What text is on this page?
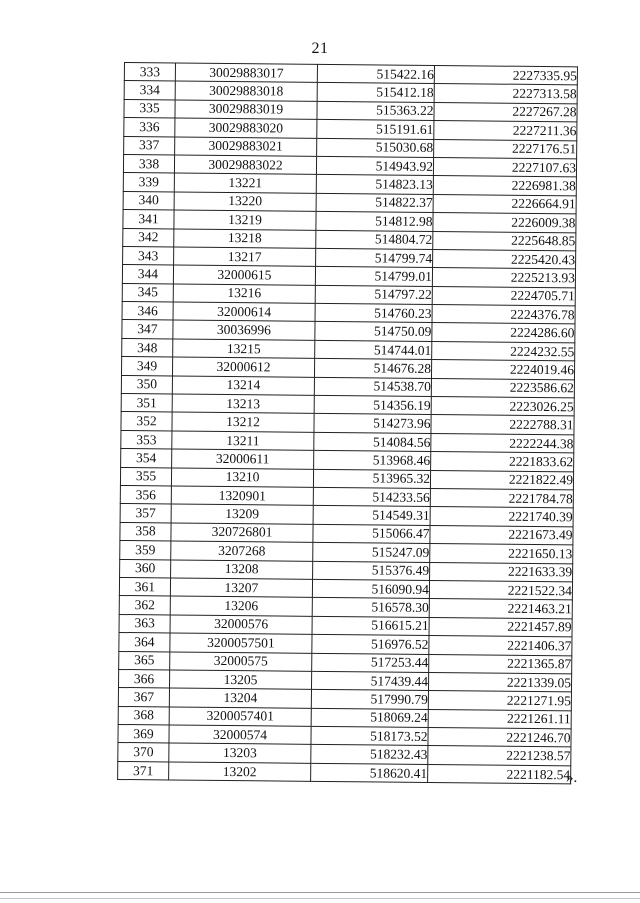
21
333	30029883017	515422.16	2227335.95
334	30029883018	515412.18	2227313.58
335	30029883019	515363.22	2227267.28
336	30029883020	515191.61	2227211.36
337	30029883021	515030.68	2227176.51
338	30029883022	514943.92	2227107.63
339	13221	514823.13	2226981.38
340	13220	514822.37	2226664.91
341	13219	514812.98	2226009.38
342	13218	514804.72	2225648.85
343	13217	514799.74	2225420.43
344	32000615	514799.01	2225213.93
345	13216	514797.22	2224705.71
346	32000614	514760.23	2224376.78
347	30036996	514750.09	2224286.60
348	13215	514744.01	2224232.55
349	32000612	514676.28	2224019.46
350	13214	514538.70	2223586.62
351	13213	514356.19	2223026.25
352	13212	514273.96	2222788.31
353	13211	514084.56	2222244.38
354	32000611	513968.46	2221833.62
355	13210	513965.32	2221822.49
356	1320901	514233.56	2221784.78
357	13209	514549.31	2221740.39
358	320726801	515066.47	2221673.49
359	3207268	515247.09	2221650.13
360	13208	515376.49	2221633.39
361	13207	516090.94	2221522.34
362	13206	516578.30	2221463.21
363	32000576	516615.21	2221457.89
364	3200057501	516976.52	2221406.37
365	32000575	517253.44	2221365.87
366	13205	517439.44	2221339.05
367	13204	517990.79	2221271.95
368	3200057401	518069.24	2221261.11
369	32000574	518173.52	2221246.70
370	13203	518232.43	2221238.57
371	13202	518620.41	2221182.54
».
